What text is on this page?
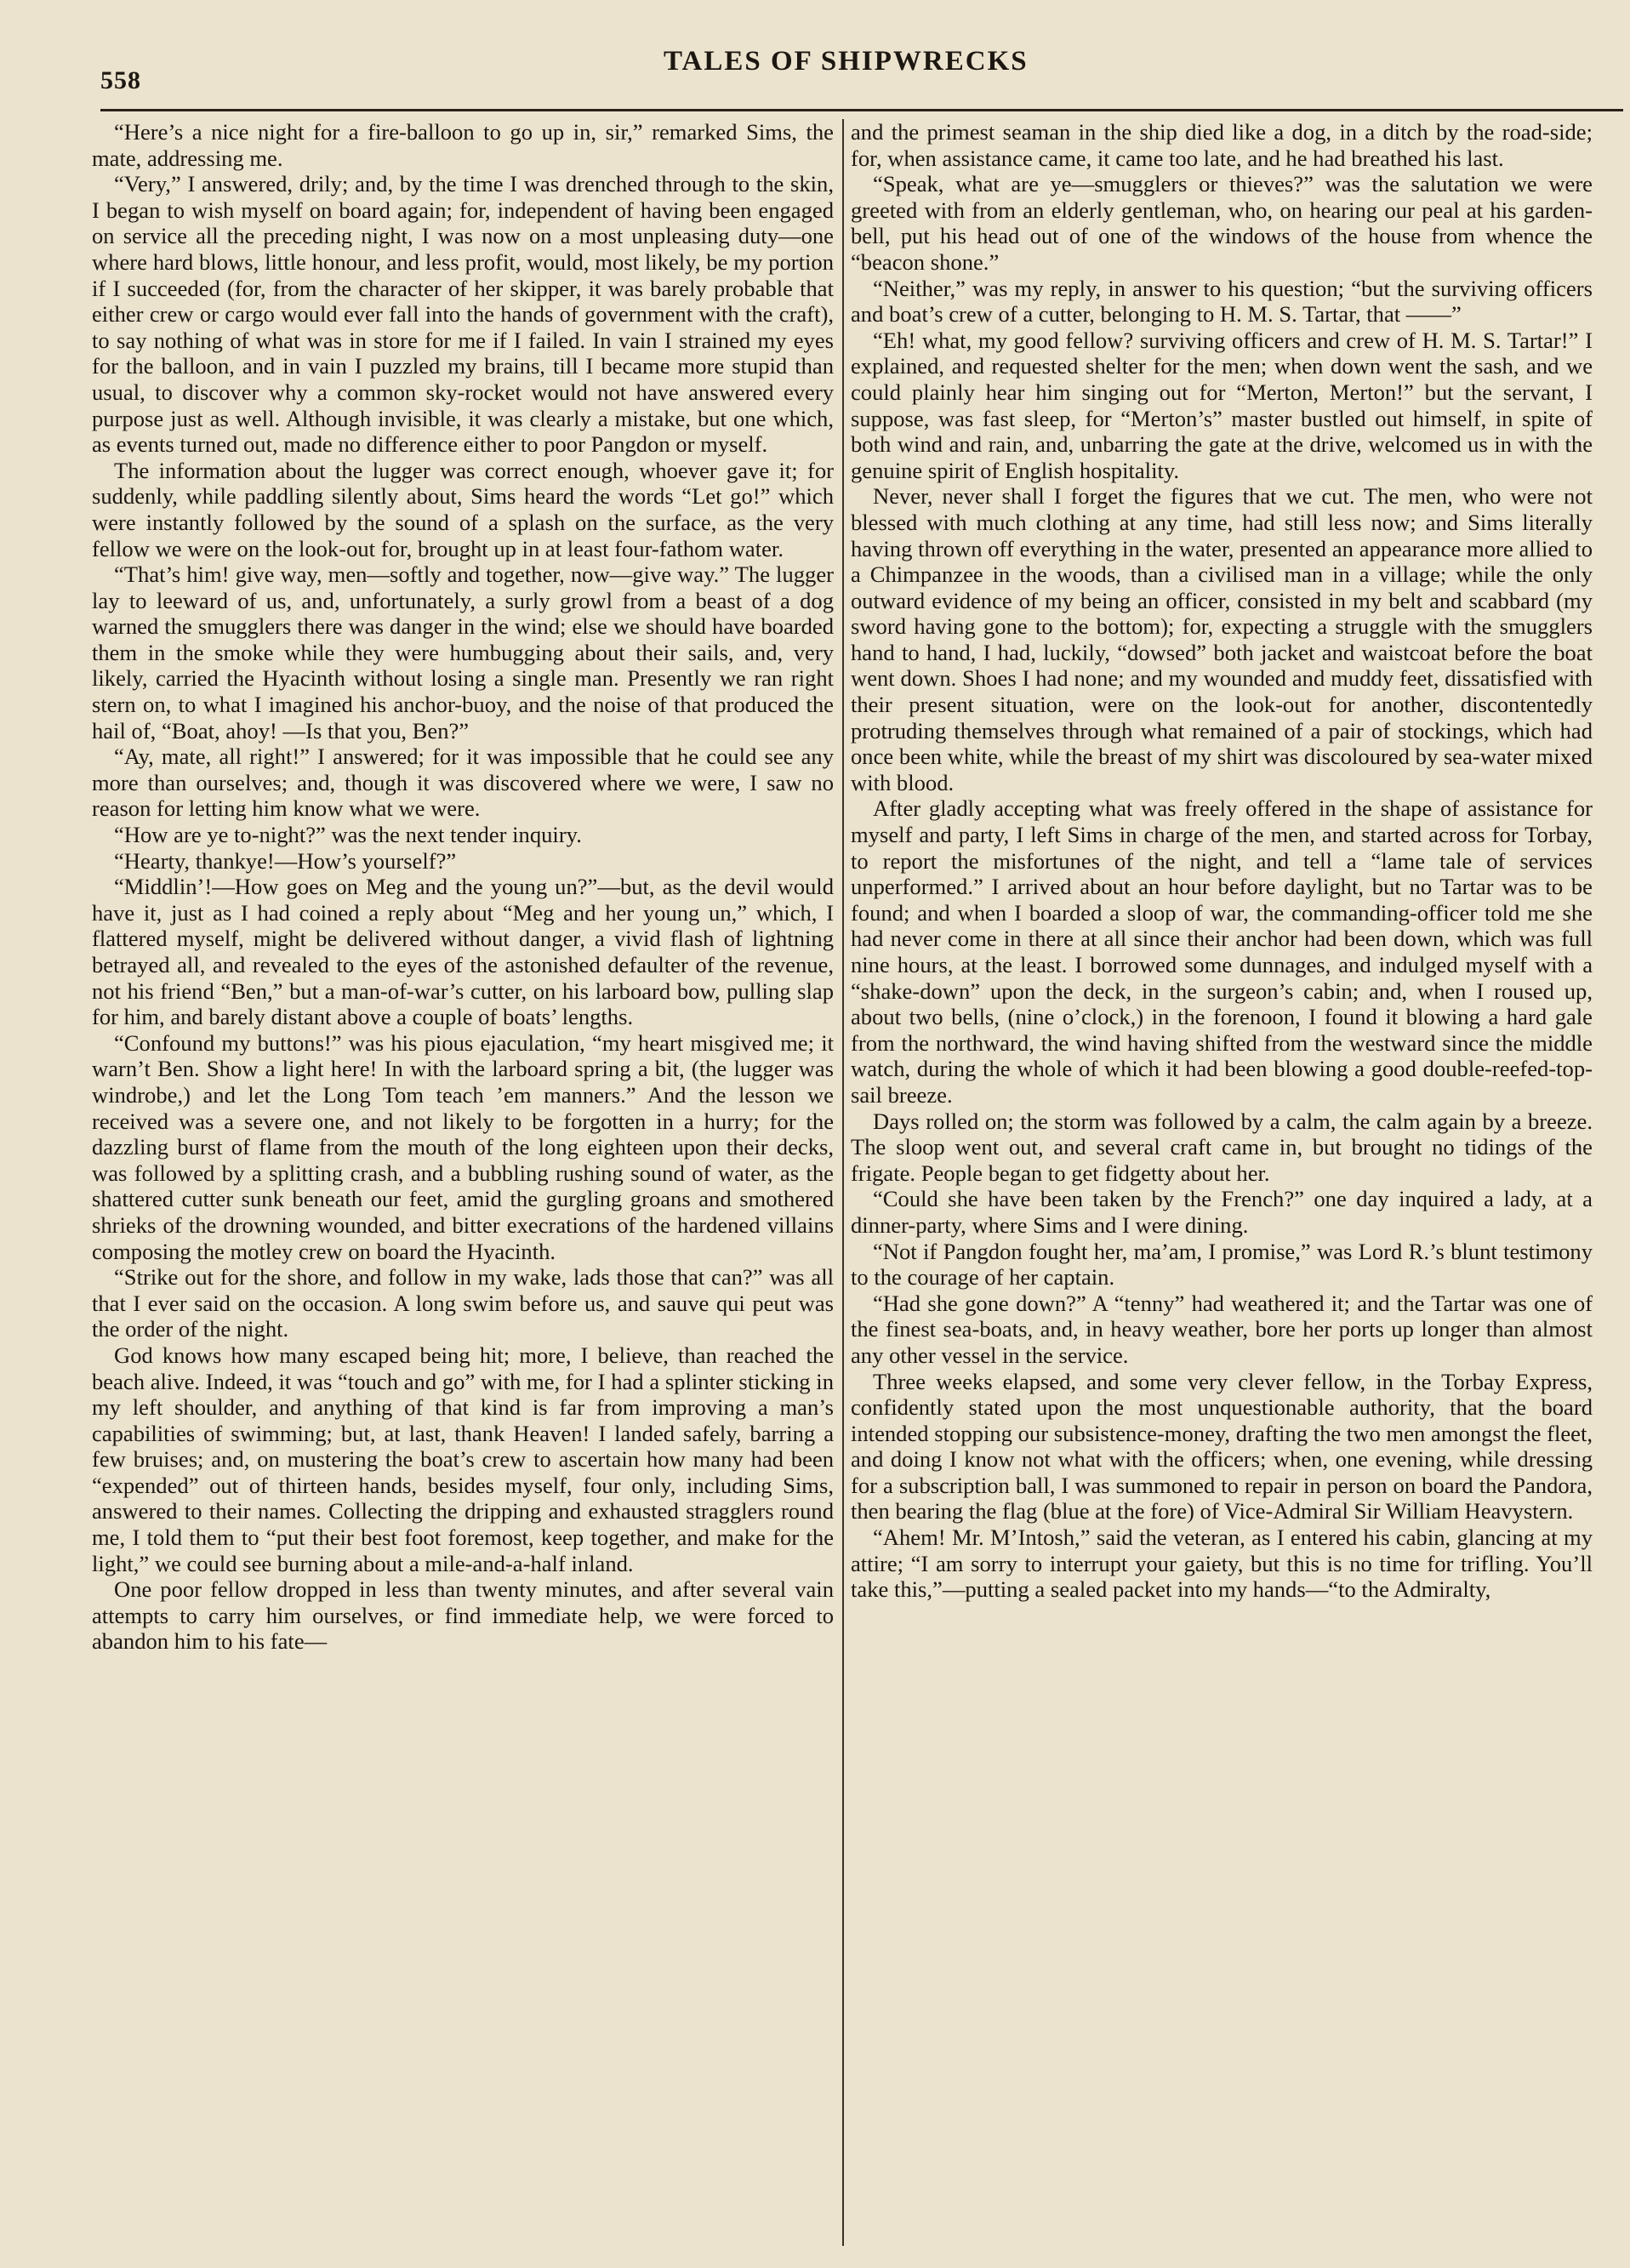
558
TALES OF SHIPWRECKS

“Here’s a nice night for a fire-balloon to go up in, sir,” remarked Sims, the mate, addressing me.

“Very,” I answered, drily; and, by the time I was drenched through to the skin, I began to wish myself on board again; for, independent of having been engaged on service all the preceding night, I was now on a most unpleasing duty—one where hard blows, little honour, and less profit, would, most likely, be my portion if I succeeded (for, from the character of her skipper, it was barely probable that either crew or cargo would ever fall into the hands of government with the craft), to say nothing of what was in store for me if I failed. In vain I strained my eyes for the balloon, and in vain I puzzled my brains, till I became more stupid than usual, to discover why a common sky-rocket would not have answered every purpose just as well. Although invisible, it was clearly a mistake, but one which, as events turned out, made no difference either to poor Pangdon or myself.

The information about the lugger was correct enough, whoever gave it; for suddenly, while paddling silently about, Sims heard the words “Let go!” which were instantly followed by the sound of a splash on the surface, as the very fellow we were on the look-out for, brought up in at least four-fathom water.

“That’s him! give way, men—softly and together, now—give way.” The lugger lay to leeward of us, and, unfortunately, a surly growl from a beast of a dog warned the smugglers there was danger in the wind; else we should have boarded them in the smoke while they were humbugging about their sails, and, very likely, carried the Hyacinth without losing a single man. Presently we ran right stern on, to what I imagined his anchor-buoy, and the noise of that produced the hail of, “Boat, ahoy! —Is that you, Ben?”

“Ay, mate, all right!” I answered; for it was impossible that he could see any more than ourselves; and, though it was discovered where we were, I saw no reason for letting him know what we were.

“How are ye to-night?” was the next tender inquiry.

“Hearty, thankye!—How’s yourself?”

“Middlin’!—How goes on Meg and the young un?”—but, as the devil would have it, just as I had coined a reply about “Meg and her young un,” which, I flattered myself, might be delivered without danger, a vivid flash of lightning betrayed all, and revealed to the eyes of the astonished defaulter of the revenue, not his friend “Ben,” but a man-of-war’s cutter, on his larboard bow, pulling slap for him, and barely distant above a couple of boats’ lengths.

“Confound my buttons!” was his pious ejaculation, “my heart misgived me; it warn’t Ben. Show a light here! In with the larboard spring a bit, (the lugger was windrobe,) and let the Long Tom teach ’em manners.” And the lesson we received was a severe one, and not likely to be forgotten in a hurry; for the dazzling burst of flame from the mouth of the long eighteen upon their decks, was followed by a splitting crash, and a bubbling rushing sound of water, as the shattered cutter sunk beneath our feet, amid the gurgling groans and smothered shrieks of the drowning wounded, and bitter execrations of the hardened villains composing the motley crew on board the Hyacinth.

“Strike out for the shore, and follow in my wake, lads those that can?” was all that I ever said on the occasion. A long swim before us, and sauve qui peut was the order of the night.

God knows how many escaped being hit; more, I believe, than reached the beach alive. Indeed, it was “touch and go” with me, for I had a splinter sticking in my left shoulder, and anything of that kind is far from improving a man’s capabilities of swimming; but, at last, thank Heaven! I landed safely, barring a few bruises; and, on mustering the boat’s crew to ascertain how many had been “expended” out of thirteen hands, besides myself, four only, including Sims, answered to their names. Collecting the dripping and exhausted stragglers round me, I told them to “put their best foot foremost, keep together, and make for the light,” we could see burning about a mile-and-a-half inland.

One poor fellow dropped in less than twenty minutes, and after several vain attempts to carry him ourselves, or find immediate help, we were forced to abandon him to his fate—

and the primest seaman in the ship died like a dog, in a ditch by the road-side; for, when assistance came, it came too late, and he had breathed his last.

“Speak, what are ye—smugglers or thieves?” was the salutation we were greeted with from an elderly gentleman, who, on hearing our peal at his garden-bell, put his head out of one of the windows of the house from whence the “beacon shone.”

“Neither,” was my reply, in answer to his question; “but the surviving officers and boat’s crew of a cutter, belonging to H. M. S. Tartar, that ——”

“Eh! what, my good fellow? surviving officers and crew of H. M. S. Tartar!” I explained, and requested shelter for the men; when down went the sash, and we could plainly hear him singing out for “Merton, Merton!” but the servant, I suppose, was fast sleep, for “Merton’s” master bustled out himself, in spite of both wind and rain, and, unbarring the gate at the drive, welcomed us in with the genuine spirit of English hospitality.

Never, never shall I forget the figures that we cut. The men, who were not blessed with much clothing at any time, had still less now; and Sims literally having thrown off everything in the water, presented an appearance more allied to a Chimpanzee in the woods, than a civilised man in a village; while the only outward evidence of my being an officer, consisted in my belt and scabbard (my sword having gone to the bottom); for, expecting a struggle with the smugglers hand to hand, I had, luckily, “dowsed” both jacket and waistcoat before the boat went down. Shoes I had none; and my wounded and muddy feet, dissatisfied with their present situation, were on the look-out for another, discontentedly protruding themselves through what remained of a pair of stockings, which had once been white, while the breast of my shirt was discoloured by sea-water mixed with blood.

After gladly accepting what was freely offered in the shape of assistance for myself and party, I left Sims in charge of the men, and started across for Torbay, to report the misfortunes of the night, and tell a “lame tale of services unperformed.” I arrived about an hour before daylight, but no Tartar was to be found; and when I boarded a sloop of war, the commanding-officer told me she had never come in there at all since their anchor had been down, which was full nine hours, at the least. I borrowed some dunnages, and indulged myself with a “shake-down” upon the deck, in the surgeon’s cabin; and, when I roused up, about two bells, (nine o’clock,) in the forenoon, I found it blowing a hard gale from the northward, the wind having shifted from the westward since the middle watch, during the whole of which it had been blowing a good double-reefed-top-sail breeze.

Days rolled on; the storm was followed by a calm, the calm again by a breeze. The sloop went out, and several craft came in, but brought no tidings of the frigate. People began to get fidgetty about her.

“Could she have been taken by the French?” one day inquired a lady, at a dinner-party, where Sims and I were dining.

“Not if Pangdon fought her, ma’am, I promise,” was Lord R.’s blunt testimony to the courage of her captain.

“Had she gone down?” A “tenny” had weathered it; and the Tartar was one of the finest sea-boats, and, in heavy weather, bore her ports up longer than almost any other vessel in the service.

Three weeks elapsed, and some very clever fellow, in the Torbay Express, confidently stated upon the most unquestionable authority, that the board intended stopping our subsistence-money, drafting the two men amongst the fleet, and doing I know not what with the officers; when, one evening, while dressing for a subscription ball, I was summoned to repair in person on board the Pandora, then bearing the flag (blue at the fore) of Vice-Admiral Sir William Heavystern.

“Ahem! Mr. M’Intosh,” said the veteran, as I entered his cabin, glancing at my attire; “I am sorry to interrupt your gaiety, but this is no time for trifling. You’ll take this,”—putting a sealed packet into my hands—“to the Admiralty,
